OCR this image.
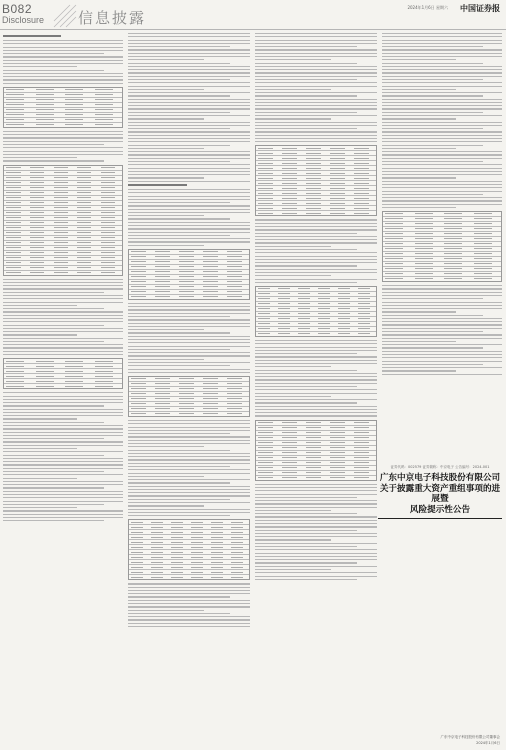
B082
Disclosure 信息披露
中国证券报
2024年1月6日 星期六
证券代码：002579 证券简称：中京电子 公告编号：2024-001
广东中京电子科技股份有限公司
关于披露重大资产重组事项的进展暨
风险提示性公告
广东中京电子科技股份有限公司董事会
2024年1月6日
